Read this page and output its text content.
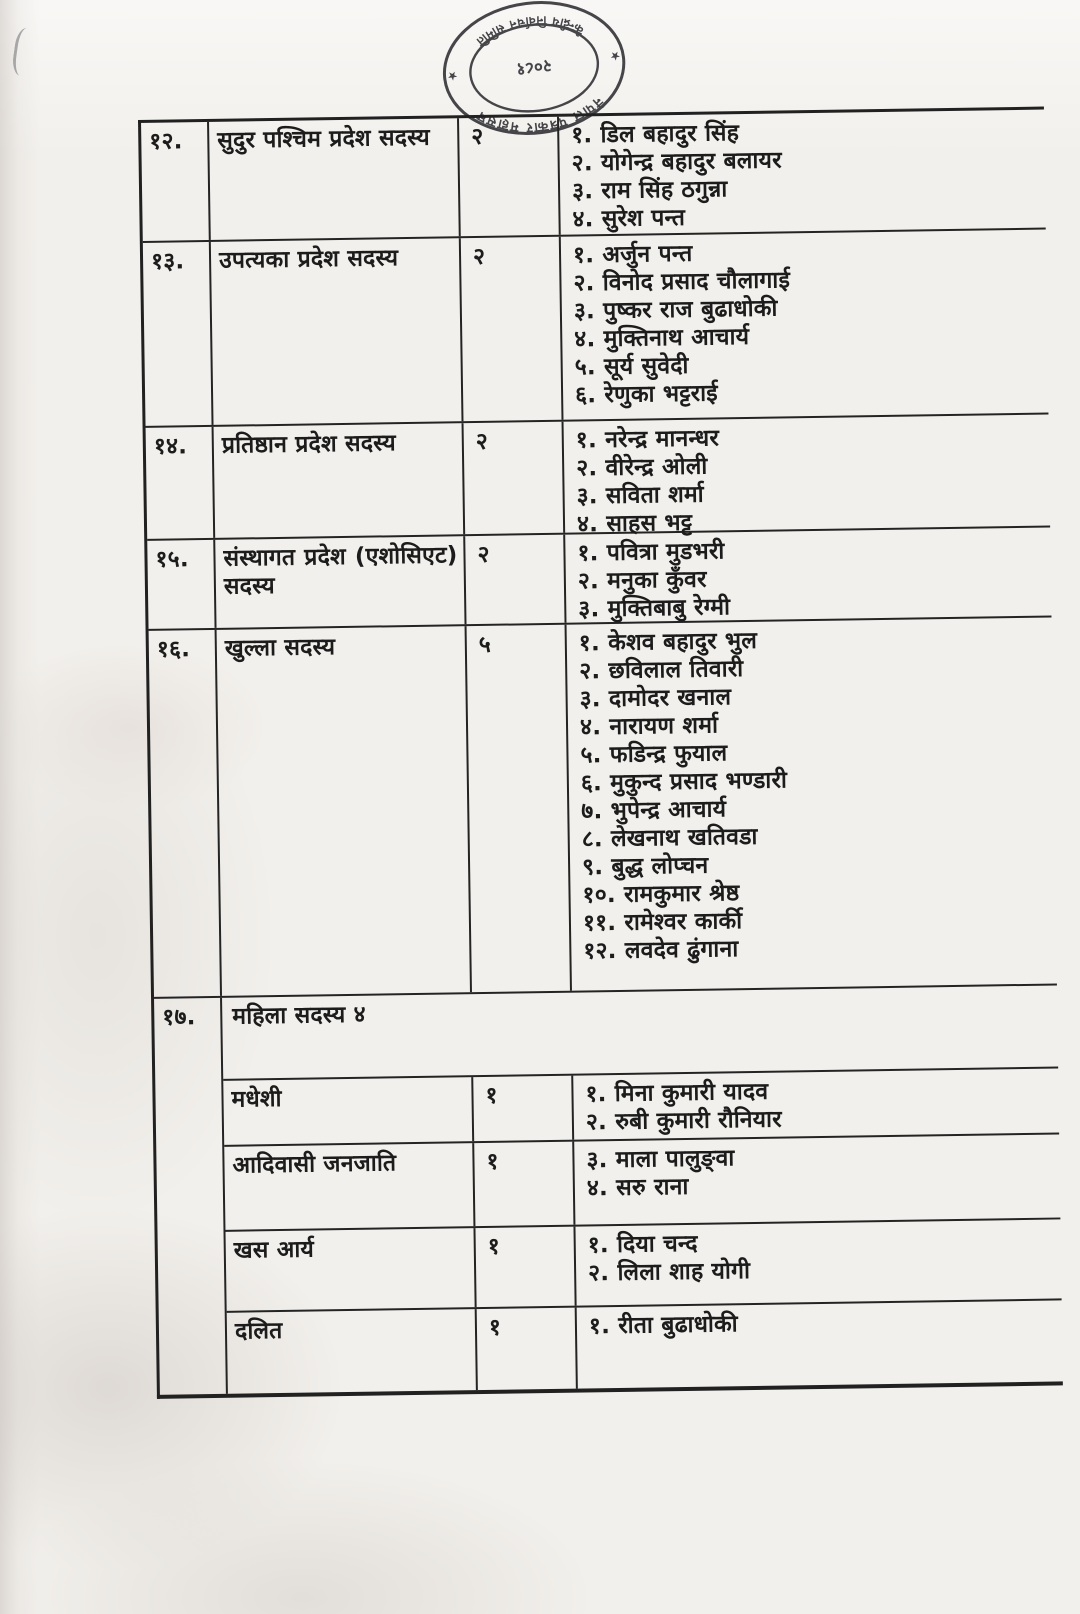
नेपाल पत्रकार महासंघ
केन्द्रीय निर्वाचन समिति
२०८१	★
★
१२.	सुदुर पश्चिम प्रदेश सदस्य	२	१. डिल बहादुर सिंह
२. योगेन्द्र बहादुर बलायर
३. राम सिंह ठगुन्ना
४. सुरेश पन्त
१३.	उपत्यका प्रदेश सदस्य	२	१. अर्जुन पन्त
२. विनोद प्रसाद चौलागाई
३. पुष्कर राज बुढाधोकी
४. मुक्तिनाथ आचार्य
५. सूर्य सुवेदी
६. रेणुका भट्टराई
१४.	प्रतिष्ठान प्रदेश सदस्य	२	१. नरेन्द्र मानन्धर
२. वीरेन्द्र ओली
३. सविता शर्मा
४. साहस भट्ट
१५.	संस्थागत प्रदेश (एशोसिएट) सदस्य
२	१. पवित्रा मुडभरी
२. मनुका कुँवर
३. मुक्तिबाबु रेग्मी
१६.	खुल्ला सदस्य	५	१. केशव बहादुर भुल
२. छविलाल तिवारी
३. दामोदर खनाल
४. नारायण शर्मा
५. फडिन्द्र फुयाल
६. मुकुन्द प्रसाद भण्डारी
७. भुपेन्द्र आचार्य
८. लेखनाथ खतिवडा
९. बुद्ध लोप्चन
१०. रामकुमार श्रेष्ठ
११. रामेश्वर कार्की
१२. लवदेव ढुंगाना
१७.	महिला सदस्य ४
मधेशी	१	१. मिना कुमारी यादव
२. रुबी कुमारी रौनियार
आदिवासी जनजाति	१	३. माला पालुङ्वा
४. सरु राना
खस आर्य	१	१. दिया चन्द
२. लिला शाह योगी
दलित	१	१. रीता बुढाधोकी
